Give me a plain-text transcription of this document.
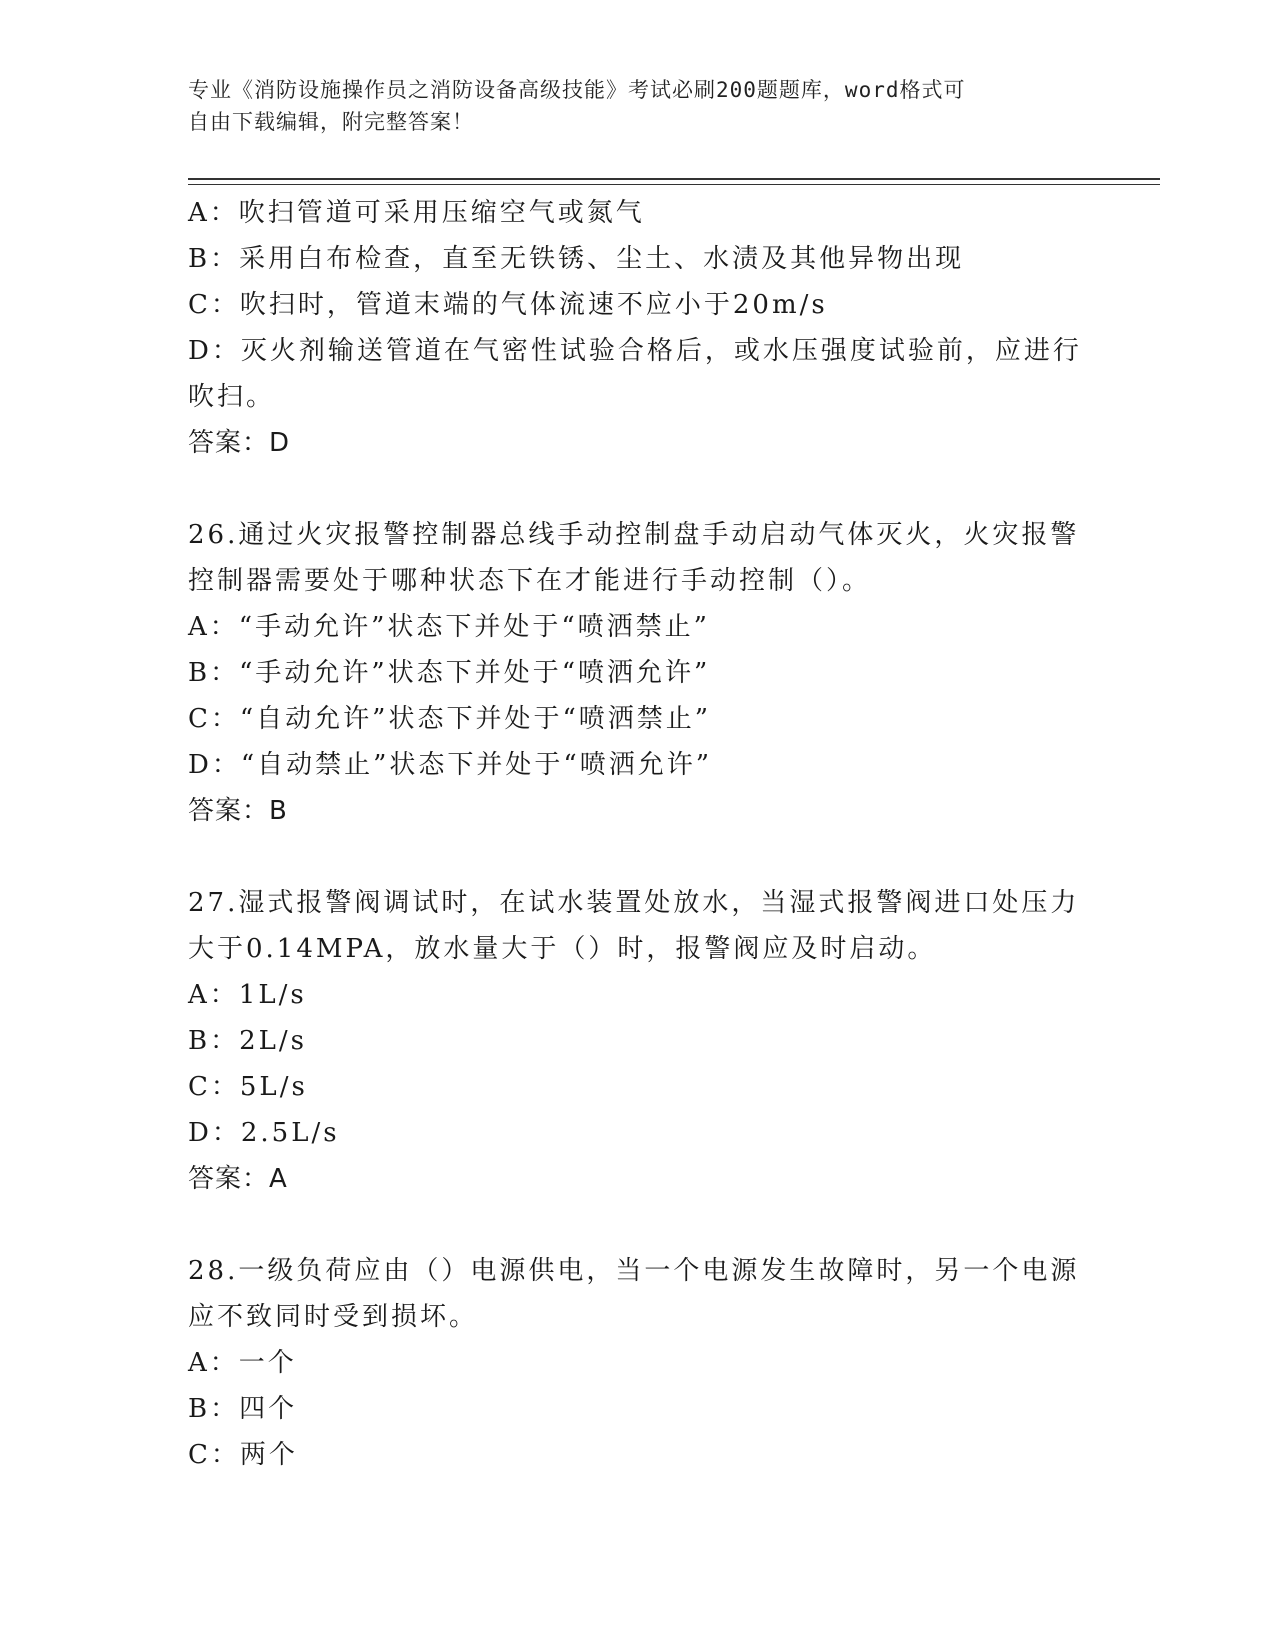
专业《消防设施操作员之消防设备高级技能》考试必刷200题题库，word格式可
自由下载编辑，附完整答案！
A：吹扫管道可采用压缩空气或氮气
B：采用白布检查，直至无铁锈、尘土、水渍及其他异物出现
C：吹扫时，管道末端的气体流速不应小于20m/s
D：灭火剂输送管道在气密性试验合格后，或水压强度试验前，应进行
吹扫。
答案：D
26.通过火灾报警控制器总线手动控制盘手动启动气体灭火，火灾报警
控制器需要处于哪种状态下在才能进行手动控制（）。
A：“手动允许”状态下并处于“喷洒禁止”
B：“手动允许”状态下并处于“喷洒允许”
C：“自动允许”状态下并处于“喷洒禁止”
D：“自动禁止”状态下并处于“喷洒允许”
答案：B
27.湿式报警阀调试时，在试水装置处放水，当湿式报警阀进口处压力
大于0.14MPA，放水量大于（）时，报警阀应及时启动。
A：1L/s
B：2L/s
C：5L/s
D：2.5L/s
答案：A
28.一级负荷应由（）电源供电，当一个电源发生故障时，另一个电源
应不致同时受到损坏。
A：一个
B：四个
C：两个
